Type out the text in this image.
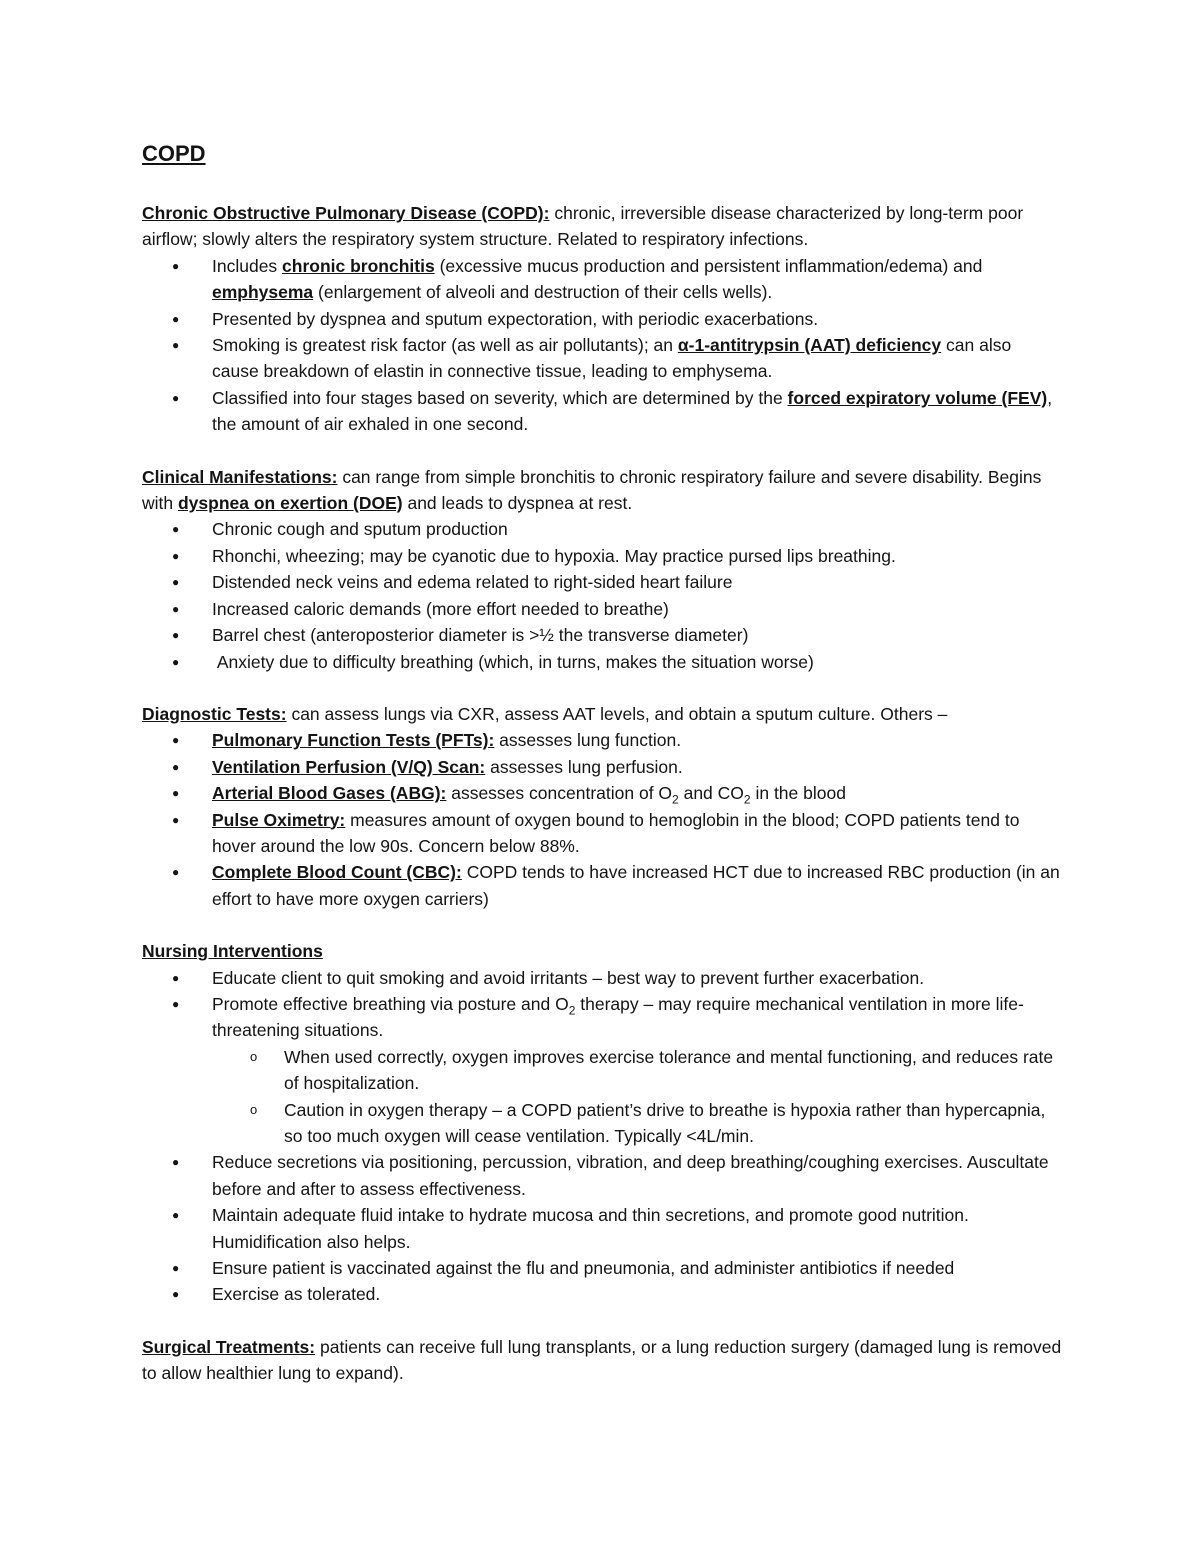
COPD

Chronic Obstructive Pulmonary Disease (COPD): chronic, irreversible disease characterized by long-term poor airflow; slowly alters the respiratory system structure. Related to respiratory infections.

● Includes chronic bronchitis (excessive mucus production and persistent inflammation/edema) and emphysema (enlargement of alveoli and destruction of their cells wells).
● Presented by dyspnea and sputum expectoration, with periodic exacerbations.
● Smoking is greatest risk factor (as well as air pollutants); an α-1-antitrypsin (AAT) deficiency can also cause breakdown of elastin in connective tissue, leading to emphysema.
● Classified into four stages based on severity, which are determined by the forced expiratory volume (FEV), the amount of air exhaled in one second.

Clinical Manifestations: can range from simple bronchitis to chronic respiratory failure and severe disability. Begins with dyspnea on exertion (DOE) and leads to dyspnea at rest.

● Chronic cough and sputum production
● Rhonchi, wheezing; may be cyanotic due to hypoxia. May practice pursed lips breathing.
● Distended neck veins and edema related to right-sided heart failure
● Increased caloric demands (more effort needed to breathe)
● Barrel chest (anteroposterior diameter is >½ the transverse diameter)
●  Anxiety due to difficulty breathing (which, in turns, makes the situation worse)

Diagnostic Tests: can assess lungs via CXR, assess AAT levels, and obtain a sputum culture. Others –

● Pulmonary Function Tests (PFTs): assesses lung function.
● Ventilation Perfusion (V/Q) Scan: assesses lung perfusion.
● Arterial Blood Gases (ABG): assesses concentration of $O_2$ and $CO_2$ in the blood
● Pulse Oximetry: measures amount of oxygen bound to hemoglobin in the blood; COPD patients tend to hover around the low 90s. Concern below 88%.
● Complete Blood Count (CBC): COPD tends to have increased HCT due to increased RBC production (in an effort to have more oxygen carriers)

Nursing Interventions

● Educate client to quit smoking and avoid irritants – best way to prevent further exacerbation.
● Promote effective breathing via posture and $O_2$ therapy – may require mechanical ventilation in more life-threatening situations.
o When used correctly, oxygen improves exercise tolerance and mental functioning, and reduces rate of hospitalization.
o Caution in oxygen therapy – a COPD patient’s drive to breathe is hypoxia rather than hypercapnia, so too much oxygen will cease ventilation. Typically <4L/min.
● Reduce secretions via positioning, percussion, vibration, and deep breathing/coughing exercises. Auscultate before and after to assess effectiveness.
● Maintain adequate fluid intake to hydrate mucosa and thin secretions, and promote good nutrition. Humidification also helps.
● Ensure patient is vaccinated against the flu and pneumonia, and administer antibiotics if needed
● Exercise as tolerated.

Surgical Treatments: patients can receive full lung transplants, or a lung reduction surgery (damaged lung is removed to allow healthier lung to expand).
